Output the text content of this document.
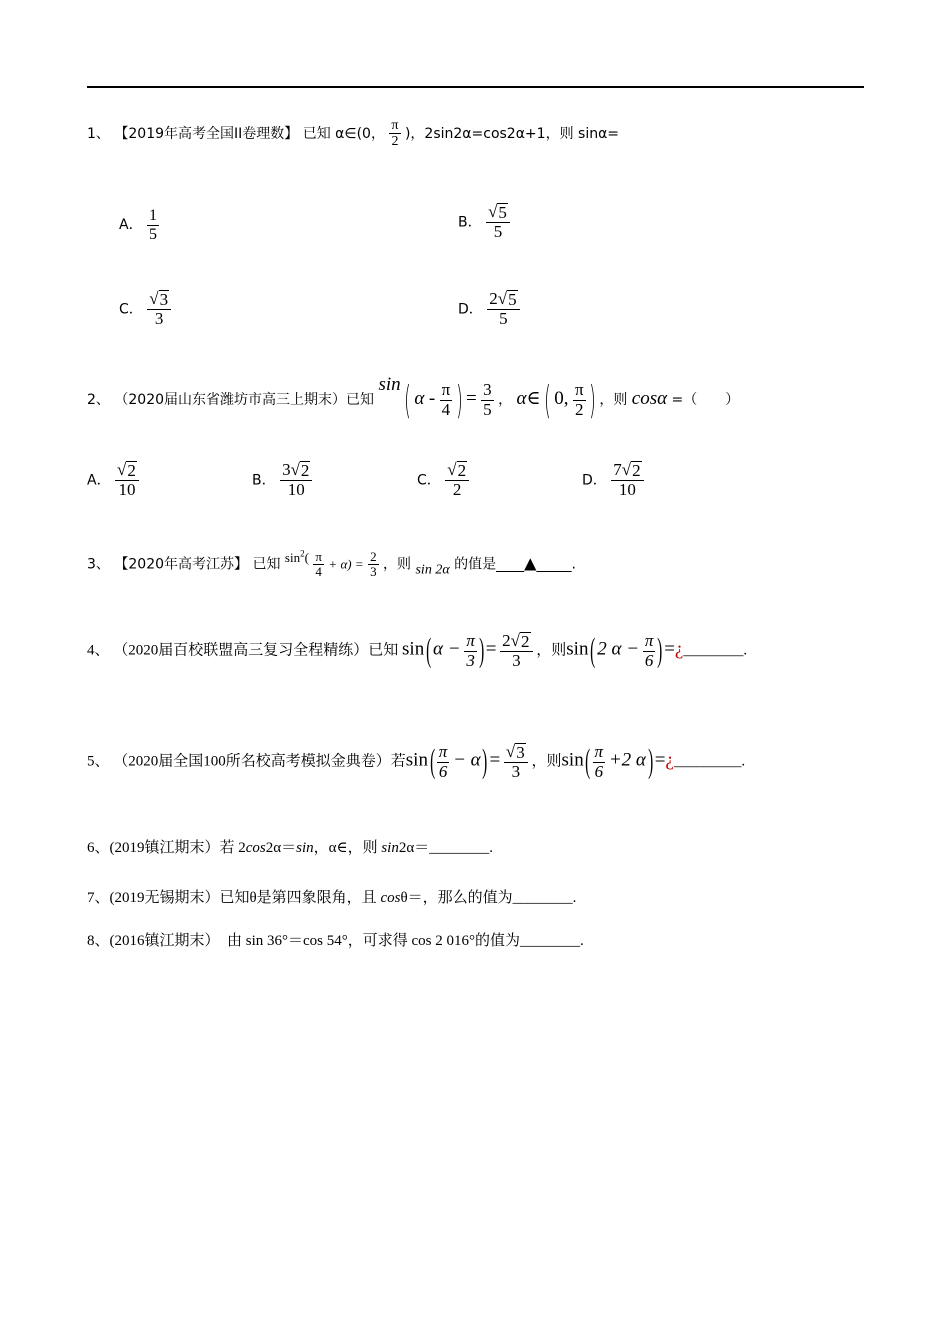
1、 【2019年高考全国II卷理数】 已知 α∈(0， $\frac{\pi}{2}$ )，2sin2α=cos2α+1，则 sinα=
A． $\frac{1}{5}$	B． $\frac{√ 5}{5}$
C． $\frac{√ 3}{3}$	D． $\frac{2 √ 5}{5}$
2、 （2020届山东省潍坊市高三上期末）已知 sin ( α - $\frac{\pi}{4}$ ) = $\frac{3}{5}$ ， α∈ ( 0, $\frac{\pi}{2}$ ) ，则 cosα =（　　）
A． $\frac{√ 2}{10}$	B． $\frac{3 √ 2}{10}$	C． $\frac{√ 2}{2}$	D． $\frac{7 √ 2}{10}$
3、 【2020年高考江苏】 已知 $\sin^2( \frac{\pi}{4} + \alpha) = \frac{2}{3}$ ，则 sin 2α 的值是____▲_____.
4、 （2020届百校联盟高三复习全程精练）已知 sin ( $\alpha - \frac{\pi}{3}$ ) = $\frac{2 √ 2}{3}$ ，则sin ( 2 $\alpha - \frac{\pi}{6}$ ) =¿________.
5、 （2020届全国100所名校高考模拟金典卷）若sin ( $\frac{\pi}{6} - \alpha$ ) = $\frac{√ 3}{3}$ ，则sin ( $\frac{\pi}{6} +2$ α ) =¿_________.
6、(2019镇江期末）若 2cos2α＝sin，α∈，则 sin2α＝________.
7、(2019无锡期末）已知θ是第四象限角，且 cosθ＝，那么的值为________.
8、(2016镇江期末）　由 sin 36°＝cos 54°，可求得 cos 2 016°的值为________.
